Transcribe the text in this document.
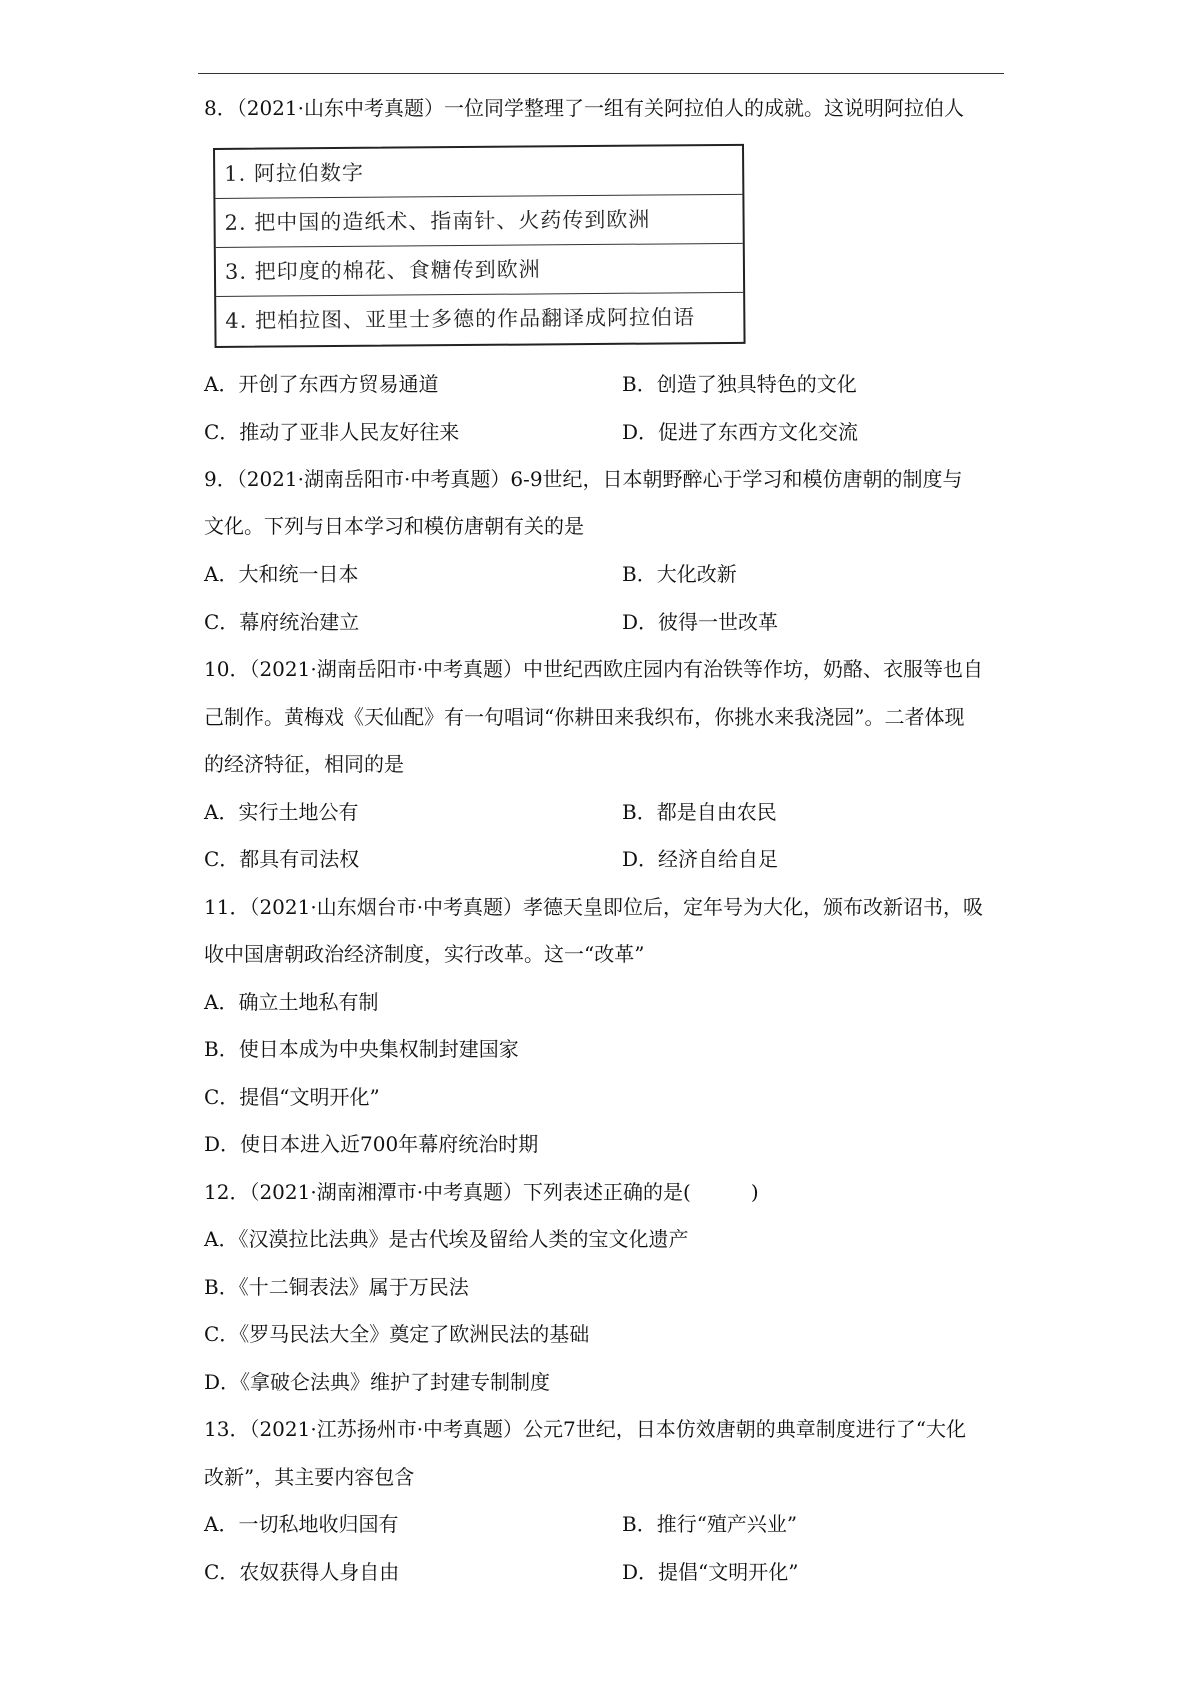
8．（2021·山东中考真题）一位同学整理了一组有关阿拉伯人的成就。这说明阿拉伯人
1. 阿拉伯数字
2. 把中国的造纸术、指南针、火药传到欧洲
3. 把印度的棉花、食糖传到欧洲
4. 把柏拉图、亚里士多德的作品翻译成阿拉伯语
A．开创了东西方贸易通道	B．创造了独具特色的文化
C．推动了亚非人民友好往来	D．促进了东西方文化交流
9．（2021·湖南岳阳市·中考真题）6-9世纪，日本朝野醉心于学习和模仿唐朝的制度与
文化。下列与日本学习和模仿唐朝有关的是
A．大和统一日本	B．大化改新
C．幕府统治建立	D．彼得一世改革
10．（2021·湖南岳阳市·中考真题）中世纪西欧庄园内有治铁等作坊，奶酪、衣服等也自
己制作。黄梅戏《天仙配》有一句唱词“你耕田来我织布，你挑水来我浇园”。二者体现
的经济特征，相同的是
A．实行土地公有	B．都是自由农民
C．都具有司法权	D．经济自给自足
11．（2021·山东烟台市·中考真题）孝德天皇即位后，定年号为大化，颁布改新诏书，吸
收中国唐朝政治经济制度，实行改革。这一“改革”
A．确立土地私有制
B．使日本成为中央集权制封建国家
C．提倡“文明开化”
D．使日本进入近700年幕府统治时期
12．（2021·湖南湘潭市·中考真题）下列表述正确的是(　　　)
A．《汉漠拉比法典》是古代埃及留给人类的宝文化遗产
B．《十二铜表法》属于万民法
C．《罗马民法大全》奠定了欧洲民法的基础
D．《拿破仑法典》维护了封建专制制度
13．（2021·江苏扬州市·中考真题）公元7世纪，日本仿效唐朝的典章制度进行了“大化
改新”，其主要内容包含
A．一切私地收归国有	B．推行“殖产兴业”
C．农奴获得人身自由	D．提倡“文明开化”
